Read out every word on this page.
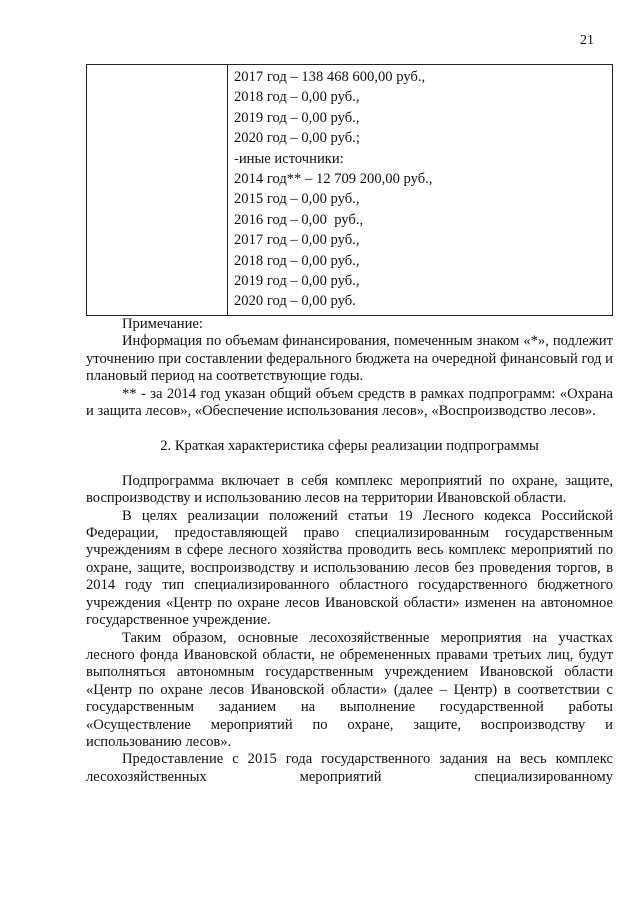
21
2017 год – 138 468 600,00 руб.,
2018 год – 0,00 руб.,
2019 год – 0,00 руб.,
2020 год – 0,00 руб.;
-иные источники:
2014 год** – 12 709 200,00 руб.,
2015 год – 0,00 руб.,
2016 год – 0,00  руб.,
2017 год – 0,00 руб.,
2018 год – 0,00 руб.,
2019 год – 0,00 руб.,
2020 год – 0,00 руб.

Примечание:

Информация по объемам финансирования, помеченным знаком «*», подлежит уточнению при составлении федерального бюджета на очередной финансовый год и плановый период на соответствующие годы.

** - за 2014 год указан общий объем средств в рамках подпрограмм: «Охрана и защита лесов», «Обеспечение использования лесов», «Воспроизводство лесов».

2. Краткая характеристика сферы реализации подпрограммы

Подпрограмма включает в себя комплекс мероприятий по охране, защите, воспроизводству и использованию лесов на территории Ивановской области.

В целях реализации положений статьи 19 Лесного кодекса Российской Федерации, предоставляющей право специализированным государственным учреждениям в сфере лесного хозяйства проводить весь комплекс мероприятий по охране, защите, воспроизводству и использованию лесов без проведения торгов, в 2014 году тип специализированного областного государственного бюджетного учреждения «Центр по охране лесов Ивановской области» изменен на автономное государственное учреждение.

Таким образом, основные лесохозяйственные мероприятия на участках лесного фонда Ивановской области, не обремененных правами третьих лиц, будут выполняться автономным государственным учреждением Ивановской области «Центр по охране лесов Ивановской области» (далее – Центр) в соответствии с государственным заданием на выполнение государственной работы «Осуществление мероприятий по охране, защите, воспроизводству и использованию лесов».

Предоставление с 2015 года государственного задания на весь комплекс лесохозяйственных мероприятий специализированному
